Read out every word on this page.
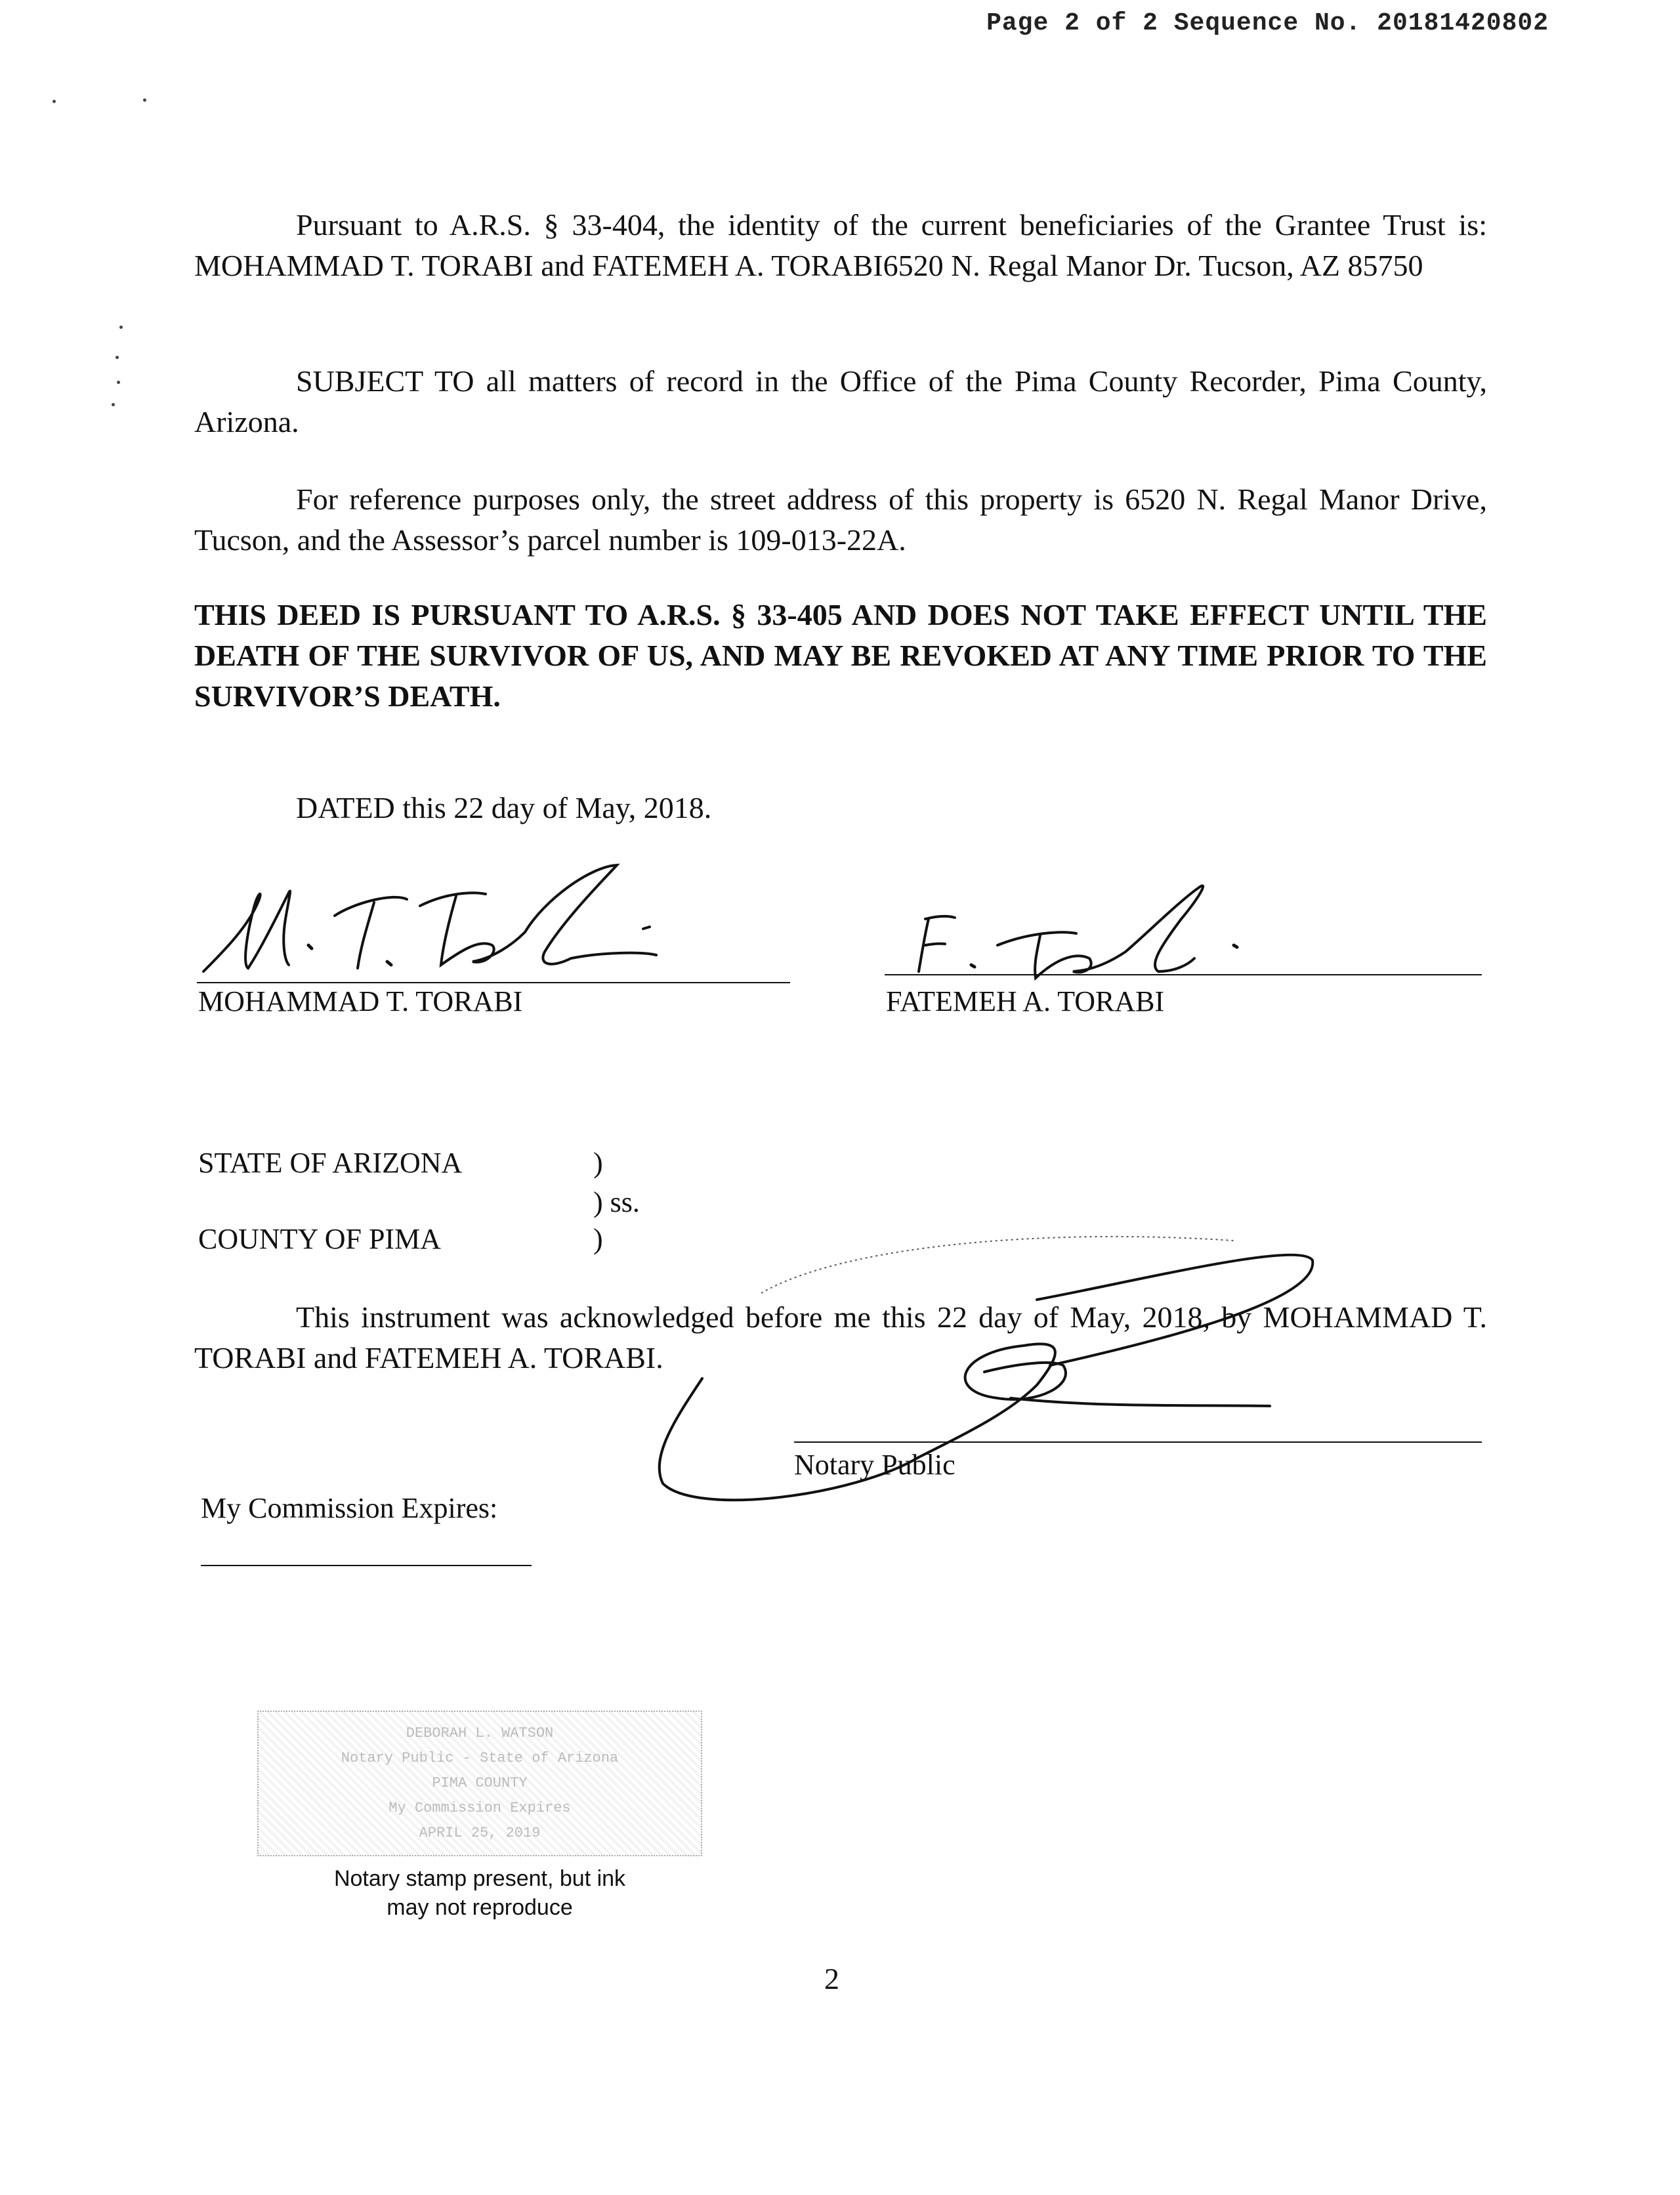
Page 2 of 2 Sequence No. 20181420802

Pursuant to A.R.S. § 33-404, the identity of the current beneficiaries of the Grantee Trust is: MOHAMMAD T. TORABI and FATEMEH A. TORABI6520 N. Regal Manor Dr. Tucson, AZ 85750

SUBJECT TO all matters of record in the Office of the Pima County Recorder, Pima County, Arizona.

For reference purposes only, the street address of this property is 6520 N. Regal Manor Drive, Tucson, and the Assessor’s parcel number is 109-013-22A.

THIS DEED IS PURSUANT TO A.R.S. § 33-405 AND DOES NOT TAKE EFFECT UNTIL THE DEATH OF THE SURVIVOR OF US, AND MAY BE REVOKED AT ANY TIME PRIOR TO THE SURVIVOR’S DEATH.

DATED this 22 day of May, 2018.
MOHAMMAD T. TORABI	FATEMEH A. TORABI
STATE OF ARIZONA	)
) ss.
COUNTY OF PIMA	)

This instrument was acknowledged before me this 22 day of May, 2018, by MOHAMMAD T. TORABI and FATEMEH A. TORABI.

Notary Public
My Commission Expires:
DEBORAH L. WATSON
Notary Public - State of Arizona
PIMA COUNTY
My Commission Expires
APRIL 25, 2019
Notary stamp present, but ink
may not reproduce
2
